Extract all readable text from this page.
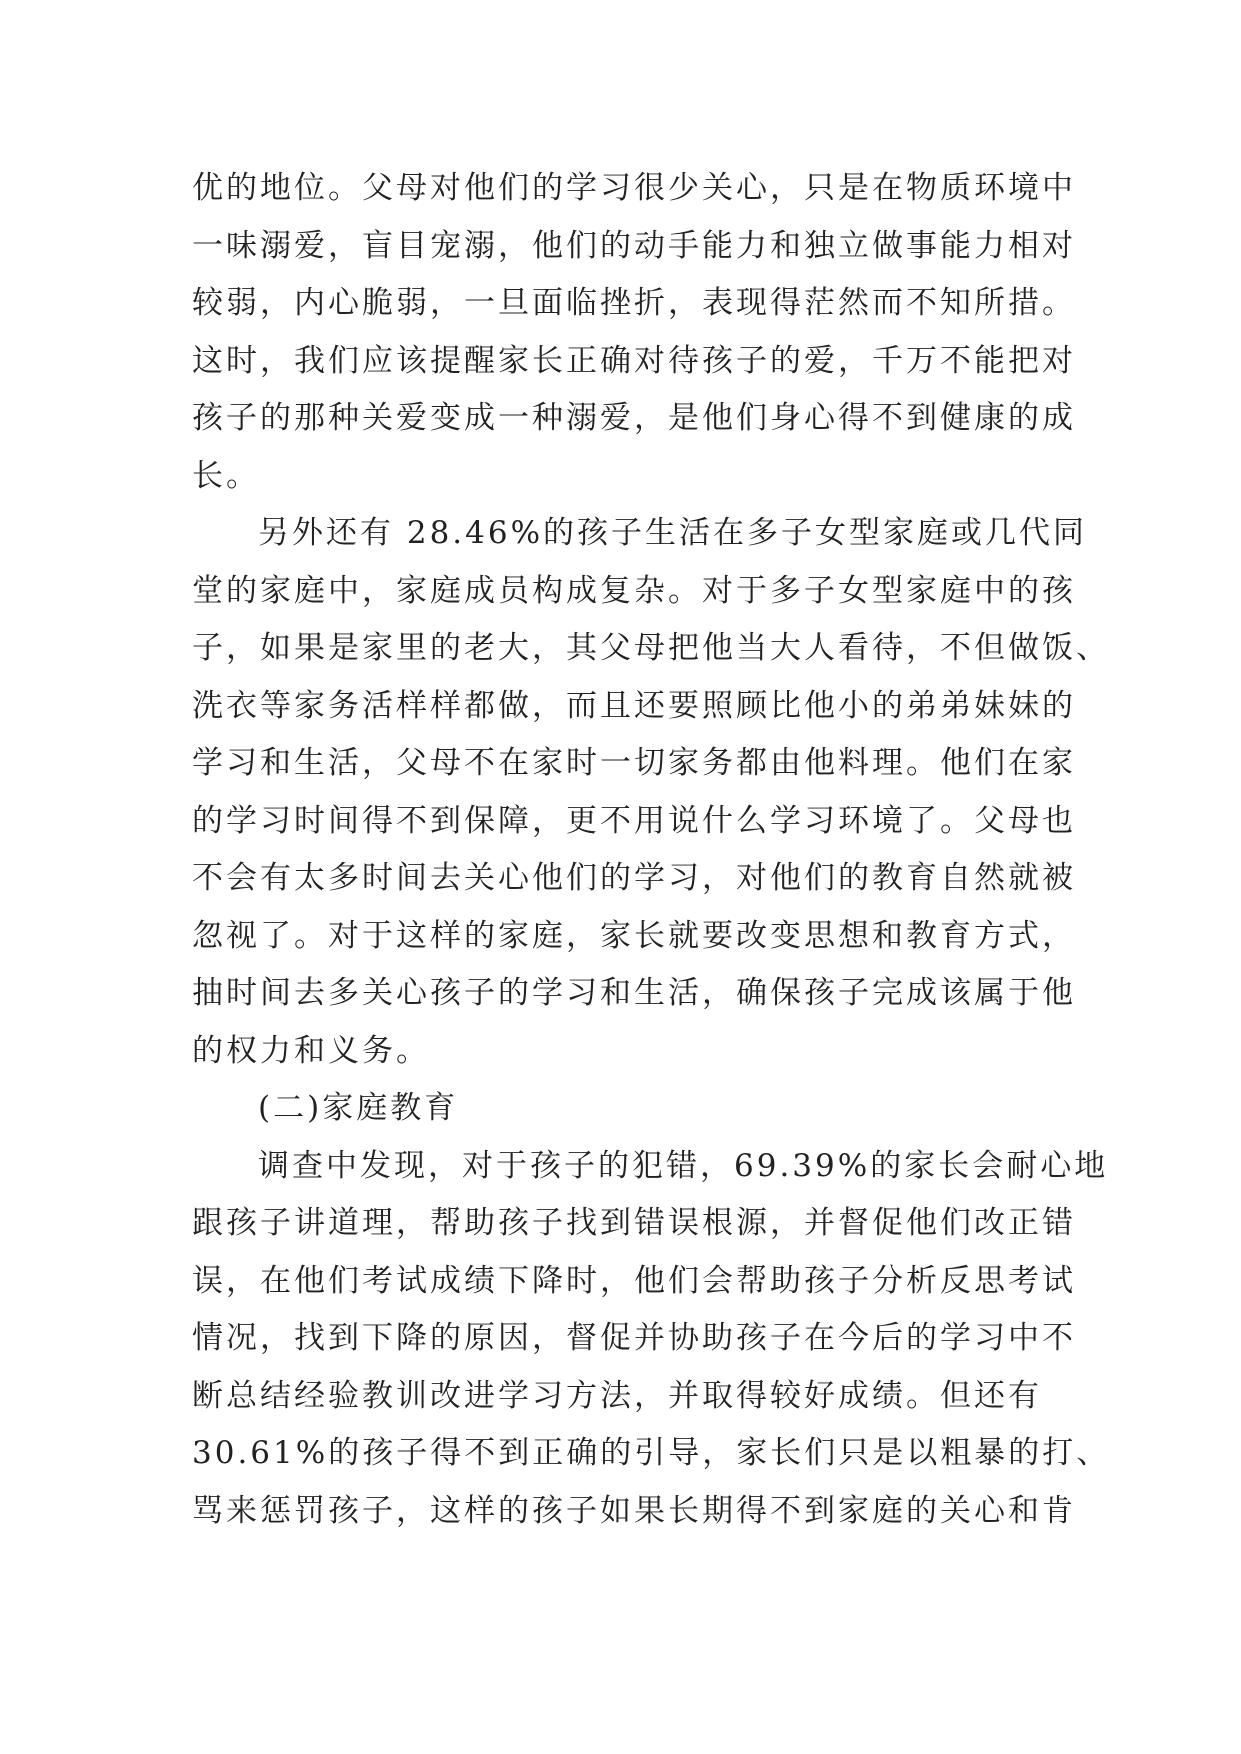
优的地位。父母对他们的学习很少关心，只是在物质环境中
一味溺爱，盲目宠溺，他们的动手能力和独立做事能力相对
较弱，内心脆弱，一旦面临挫折，表现得茫然而不知所措。
这时，我们应该提醒家长正确对待孩子的爱，千万不能把对
孩子的那种关爱变成一种溺爱，是他们身心得不到健康的成
长。
另外还有 28.46%的孩子生活在多子女型家庭或几代同
堂的家庭中，家庭成员构成复杂。对于多子女型家庭中的孩
子，如果是家里的老大，其父母把他当大人看待，不但做饭、
洗衣等家务活样样都做，而且还要照顾比他小的弟弟妹妹的
学习和生活，父母不在家时一切家务都由他料理。他们在家
的学习时间得不到保障，更不用说什么学习环境了。父母也
不会有太多时间去关心他们的学习，对他们的教育自然就被
忽视了。对于这样的家庭，家长就要改变思想和教育方式，
抽时间去多关心孩子的学习和生活，确保孩子完成该属于他
的权力和义务。
(二)家庭教育
调查中发现，对于孩子的犯错，69.39%的家长会耐心地
跟孩子讲道理，帮助孩子找到错误根源，并督促他们改正错
误，在他们考试成绩下降时，他们会帮助孩子分析反思考试
情况，找到下降的原因，督促并协助孩子在今后的学习中不
断总结经验教训改进学习方法，并取得较好成绩。但还有
30.61%的孩子得不到正确的引导，家长们只是以粗暴的打、
骂来惩罚孩子，这样的孩子如果长期得不到家庭的关心和肯
